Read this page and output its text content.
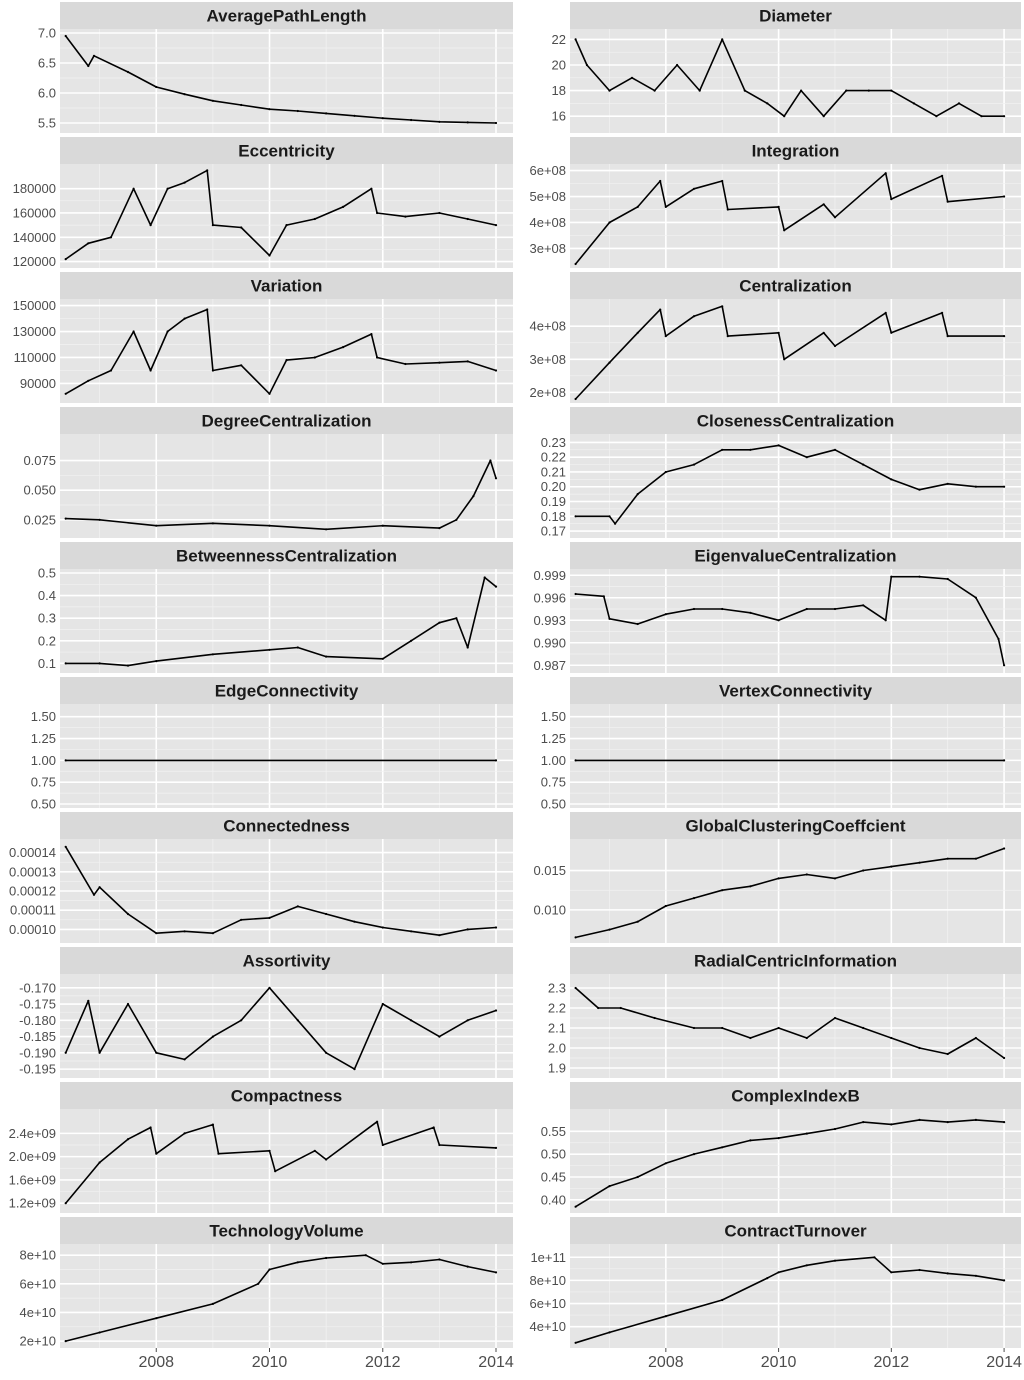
AveragePathLength
5.5
6.0
6.5
7.0
Diameter
16
18
20
22
Eccentricity
120000
140000
160000
180000
Integration
3e+08
4e+08
5e+08
6e+08
Variation
90000
110000
130000
150000
Centralization
2e+08
3e+08
4e+08
DegreeCentralization
0.025
0.050
0.075
ClosenessCentralization
0.17
0.18
0.19
0.20
0.21
0.22
0.23
BetweennessCentralization
0.1
0.2
0.3
0.4
0.5
EigenvalueCentralization
0.987
0.990
0.993
0.996
0.999
EdgeConnectivity
0.50
0.75
1.00
1.25
1.50
VertexConnectivity
0.50
0.75
1.00
1.25
1.50
Connectedness
0.00010
0.00011
0.00012
0.00013
0.00014
GlobalClusteringCoeffcient
0.010
0.015
Assortivity
-0.195
-0.190
-0.185
-0.180
-0.175
-0.170
RadialCentricInformation
1.9
2.0
2.1
2.2
2.3
Compactness
1.2e+09
1.6e+09
2.0e+09
2.4e+09
ComplexIndexB
0.40
0.45
0.50
0.55
TechnologyVolume
2e+10
4e+10
6e+10
8e+10
2008	2010	2012	2014
ContractTurnover
4e+10
6e+10
8e+10
1e+11
2008	2010	2012	2014
